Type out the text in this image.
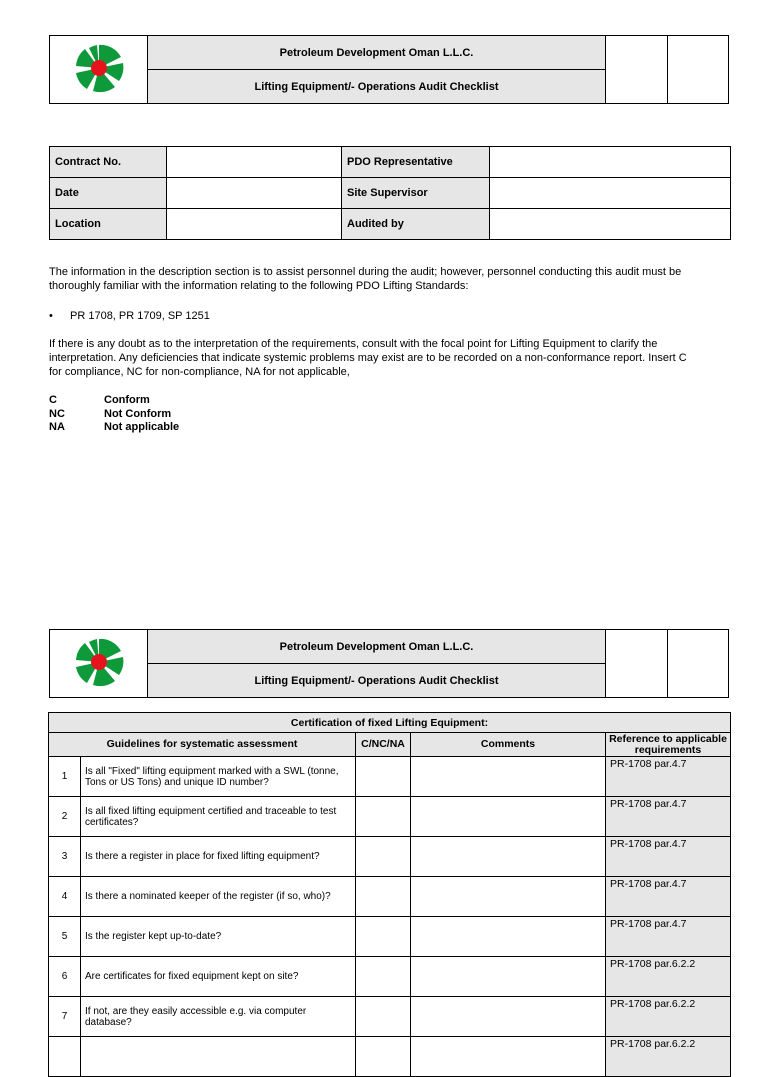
	Petroleum Development Oman L.L.C.		
Lifting Equipment/- Operations Audit Checklist
Contract No.		PDO Representative	
Date		Site Supervisor	
Location		Audited by	

The information in the description section is to assist personnel during the audit; however, personnel conducting this audit must be thoroughly familiar with the information relating to the following PDO Lifting Standards:

• PR 1708, PR 1709, SP 1251

If there is any doubt as to the interpretation of the requirements, consult with the focal point for Lifting Equipment to clarify the interpretation. Any deficiencies that indicate systemic problems may exist are to be recorded on a non-conformance report. Insert C for compliance, NC for non-compliance, NA for not applicable,

C	Conform
NC	Not Conform
NA	Not applicable
	Petroleum Development Oman L.L.C.		
Lifting Equipment/- Operations Audit Checklist
Certification of fixed Lifting Equipment:				
Guidelines for systematic assessment		C/NC/NA	Comments	Reference to applicable requirements
1	Is all "Fixed" lifting equipment marked with a SWL (tonne, Tons or US Tons) and unique ID number?			PR-1708 par.4.7
2	Is all fixed lifting equipment certified and traceable to test certificates?			PR-1708 par.4.7
3	Is there a register in place for fixed lifting equipment?			PR-1708 par.4.7
4	Is there a nominated keeper of the register (if so, who)?			PR-1708 par.4.7
5	Is the register kept up-to-date?			PR-1708 par.4.7
6	Are certificates for fixed equipment kept on site?			PR-1708 par.6.2.2
7	If not, are they easily accessible e.g. via computer database?			PR-1708 par.6.2.2
				PR-1708 par.6.2.2
